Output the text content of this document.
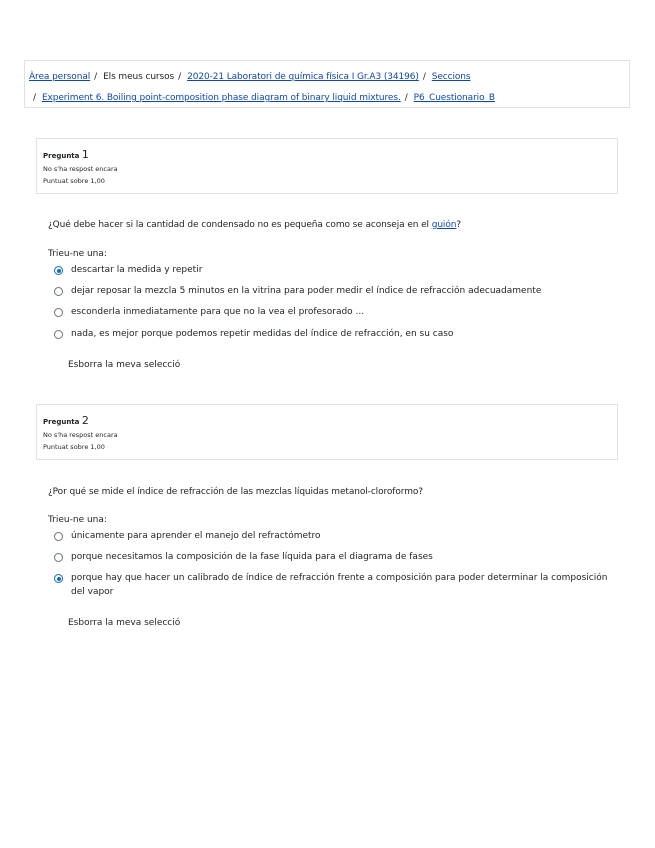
Àrea personal / Els meus cursos / 2020-21 Laboratori de química física I Gr.A3 (34196) / Seccions
/ Experiment 6. Boiling point-composition phase diagram of binary liquid mixtures. / P6_Cuestionario_B
Pregunta 1
No s'ha respost encara
Puntuat sobre 1,00
¿Qué debe hacer si la cantidad de condensado no es pequeña como se aconseja en el guión?
Trieu-ne una:
descartar la medida y repetir
dejar reposar la mezcla 5 minutos en la vitrina para poder medir el índice de refracción adecuadamente
esconderla inmediatamente para que no la vea el profesorado ...
nada, es mejor porque podemos repetir medidas del índice de refracción, en su caso
Esborra la meva selecció
Pregunta 2
No s'ha respost encara
Puntuat sobre 1,00
¿Por qué se mide el índice de refracción de las mezclas líquidas metanol-cloroformo?
Trieu-ne una:
únicamente para aprender el manejo del refractómetro
porque necesitamos la composición de la fase líquida para el diagrama de fases
porque hay que hacer un calibrado de índice de refracción frente a composición para poder determinar la composición del vapor
Esborra la meva selecció
